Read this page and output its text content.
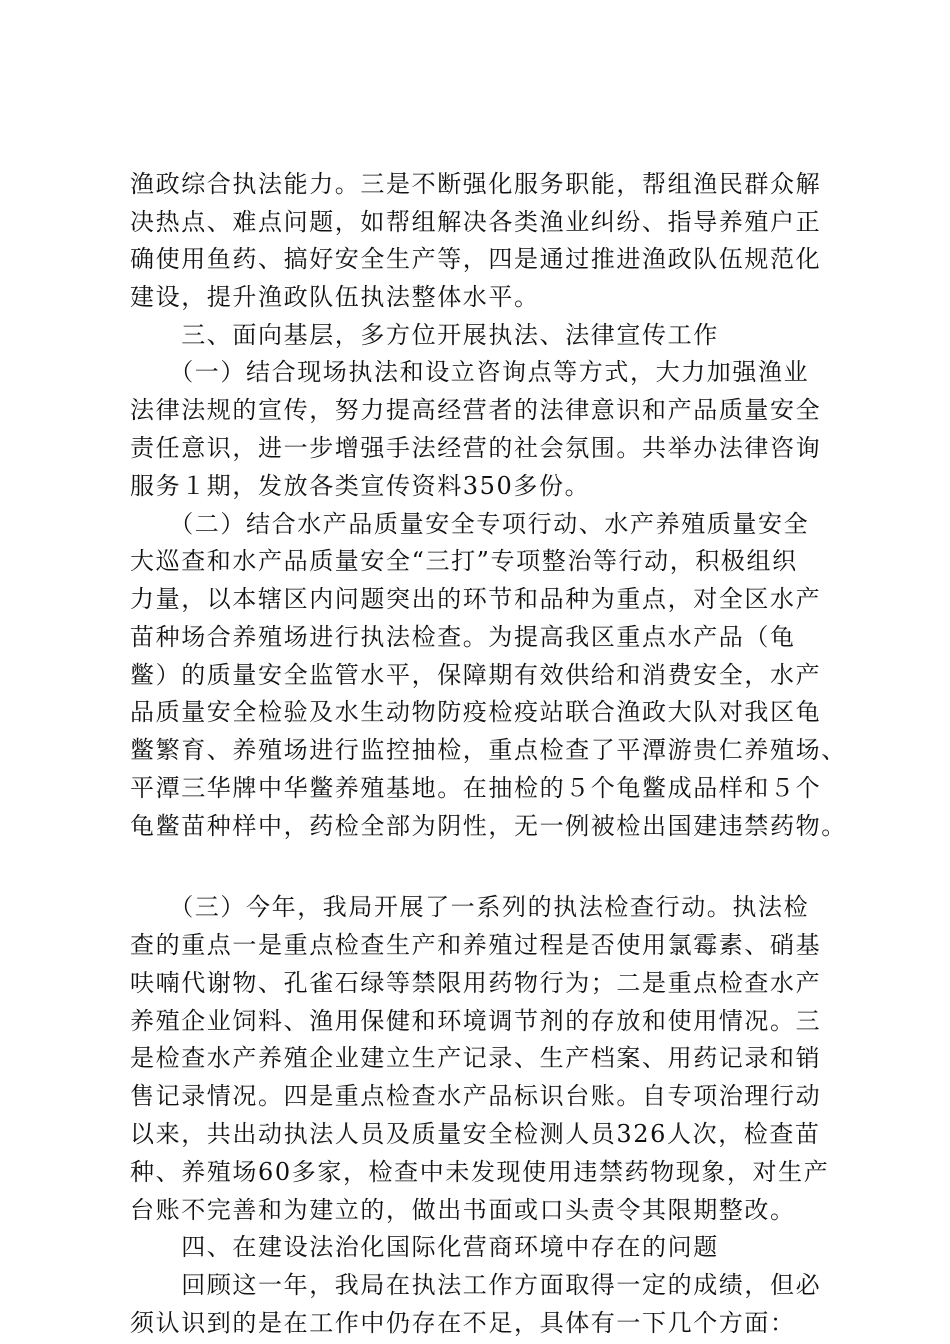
渔政综合执法能力。三是不断强化服务职能，帮组渔民群众解
决热点、难点问题，如帮组解决各类渔业纠纷、指导养殖户正
确使用鱼药、搞好安全生产等，四是通过推进渔政队伍规范化
建设，提升渔政队伍执法整体水平。
　　三、面向基层，多方位开展执法、法律宣传工作
　　（一）结合现场执法和设立咨询点等方式，大力加强渔业
法律法规的宣传，努力提高经营者的法律意识和产品质量安全
责任意识，进一步增强手法经营的社会氛围。共举办法律咨询
服务１期，发放各类宣传资料350多份。
　　（二）结合水产品质量安全专项行动、水产养殖质量安全
大巡查和水产品质量安全“三打”专项整治等行动，积极组织
力量，以本辖区内问题突出的环节和品种为重点，对全区水产
苗种场合养殖场进行执法检查。为提高我区重点水产品（龟
鳖）的质量安全监管水平，保障期有效供给和消费安全，水产
品质量安全检验及水生动物防疫检疫站联合渔政大队对我区龟
鳖繁育、养殖场进行监控抽检，重点检查了平潭游贵仁养殖场、
平潭三华牌中华鳖养殖基地。在抽检的５个龟鳖成品样和５个
龟鳖苗种样中，药检全部为阴性，无一例被检出国建违禁药物。
　　（三）今年，我局开展了一系列的执法检查行动。执法检
查的重点一是重点检查生产和养殖过程是否使用氯霉素、硝基
呋喃代谢物、孔雀石绿等禁限用药物行为；二是重点检查水产
养殖企业饲料、渔用保健和环境调节剂的存放和使用情况。三
是检查水产养殖企业建立生产记录、生产档案、用药记录和销
售记录情况。四是重点检查水产品标识台账。自专项治理行动
以来，共出动执法人员及质量安全检测人员326人次，检查苗
种、养殖场60多家，检查中未发现使用违禁药物现象，对生产
台账不完善和为建立的，做出书面或口头责令其限期整改。
　　四、在建设法治化国际化营商环境中存在的问题
　　回顾这一年，我局在执法工作方面取得一定的成绩，但必
须认识到的是在工作中仍存在不足，具体有一下几个方面：
